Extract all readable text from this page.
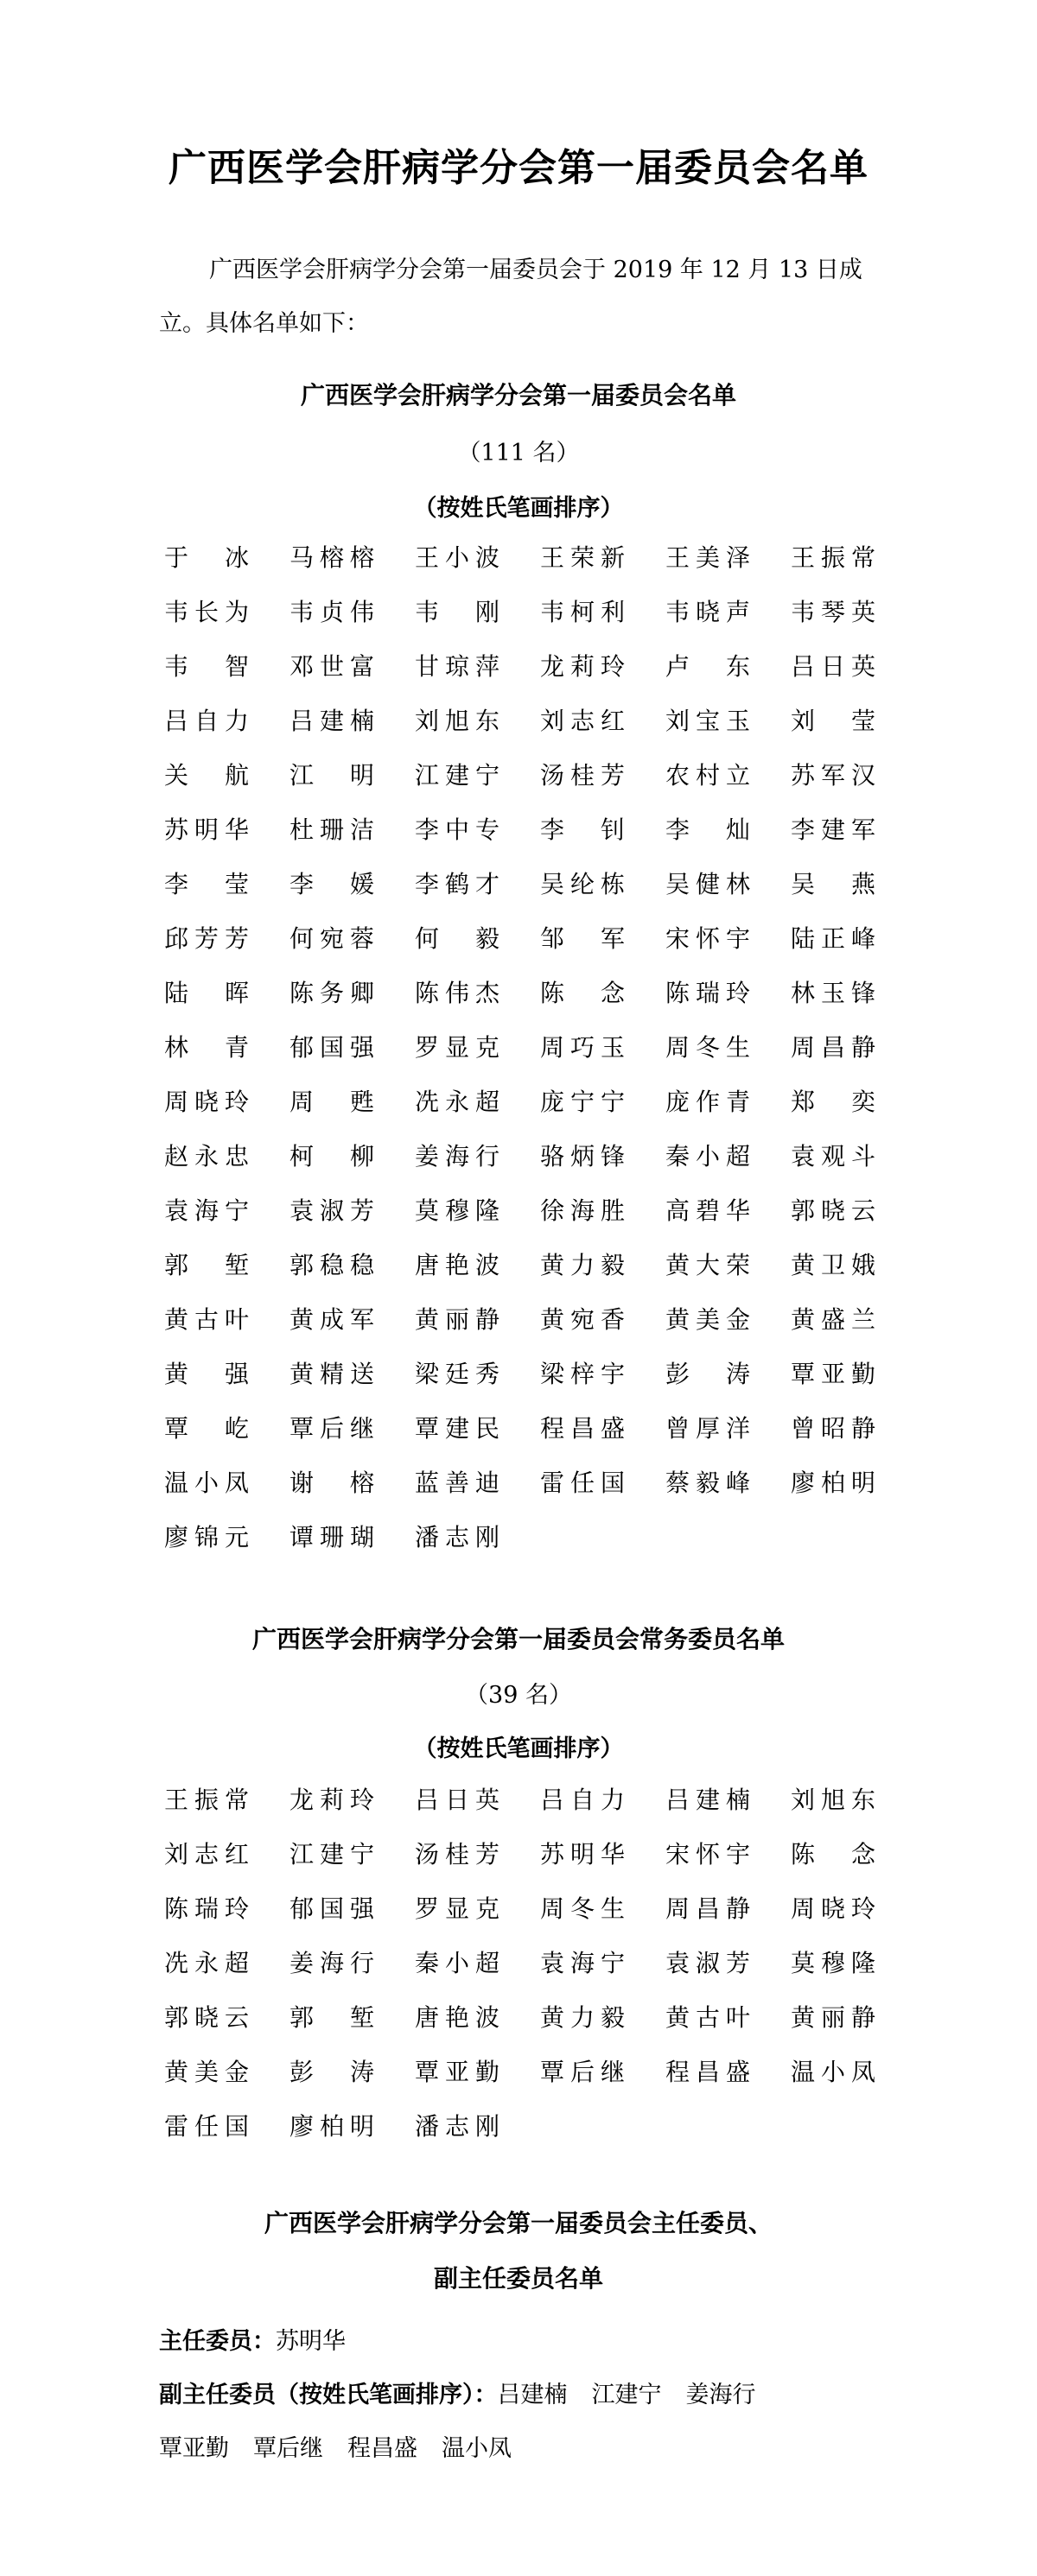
广西医学会肝病学分会第一届委员会名单

广西医学会肝病学分会第一届委员会于 2019 年 12 月 13 日成立。具体名单如下：

广西医学会肝病学分会第一届委员会名单

（111 名）

（按姓氏笔画排序）

于 冰 马 榕 榕 王 小 波 王 荣 新 王 美 泽 王 振 常
韦 长 为 韦 贞 伟 韦 刚 韦 柯 利 韦 晓 声 韦 琴 英
韦 智 邓 世 富 甘 琼 萍 龙 莉 玲 卢 东 吕 日 英
吕 自 力 吕 建 楠 刘 旭 东 刘 志 红 刘 宝 玉 刘 莹
关 航 江 明 江 建 宁 汤 桂 芳 农 村 立 苏 军 汉
苏 明 华 杜 珊 洁 李 中 专 李 钊 李 灿 李 建 军
李 莹 李 媛 李 鹤 才 吴 纶 栋 吴 健 林 吴 燕
邱 芳 芳 何 宛 蓉 何 毅 邹 军 宋 怀 宇 陆 正 峰
陆 晖 陈 务 卿 陈 伟 杰 陈 念 陈 瑞 玲 林 玉 锋
林 青 郁 国 强 罗 显 克 周 巧 玉 周 冬 生 周 昌 静
周 晓 玲 周 甦 冼 永 超 庞 宁 宁 庞 作 青 郑 奕
赵 永 忠 柯 柳 姜 海 行 骆 炳 锋 秦 小 超 袁 观 斗
袁 海 宁 袁 淑 芳 莫 穆 隆 徐 海 胜 高 碧 华 郭 晓 云
郭 堑 郭 稳 稳 唐 艳 波 黄 力 毅 黄 大 荣 黄 卫 娥
黄 古 叶 黄 成 军 黄 丽 静 黄 宛 香 黄 美 金 黄 盛 兰
黄 强 黄 精 送 梁 廷 秀 梁 梓 宇 彭 涛 覃 亚 勤
覃 屹 覃 后 继 覃 建 民 程 昌 盛 曾 厚 洋 曾 昭 静
温 小 凤 谢 榕 蓝 善 迪 雷 任 国 蔡 毅 峰 廖 柏 明
廖 锦 元 谭 珊 瑚 潘 志 刚
广西医学会肝病学分会第一届委员会常务委员名单

（39 名）

（按姓氏笔画排序）

王 振 常 龙 莉 玲 吕 日 英 吕 自 力 吕 建 楠 刘 旭 东
刘 志 红 江 建 宁 汤 桂 芳 苏 明 华 宋 怀 宇 陈 念
陈 瑞 玲 郁 国 强 罗 显 克 周 冬 生 周 昌 静 周 晓 玲
冼 永 超 姜 海 行 秦 小 超 袁 海 宁 袁 淑 芳 莫 穆 隆
郭 晓 云 郭 堑 唐 艳 波 黄 力 毅 黄 古 叶 黄 丽 静
黄 美 金 彭 涛 覃 亚 勤 覃 后 继 程 昌 盛 温 小 凤
雷 任 国 廖 柏 明 潘 志 刚
广西医学会肝病学分会第一届委员会主任委员、
副主任委员名单

主任委员：苏明华

副主任委员（按姓氏笔画排序）：吕建楠 江建宁 姜海行

覃亚勤 覃后继 程昌盛 温小凤
